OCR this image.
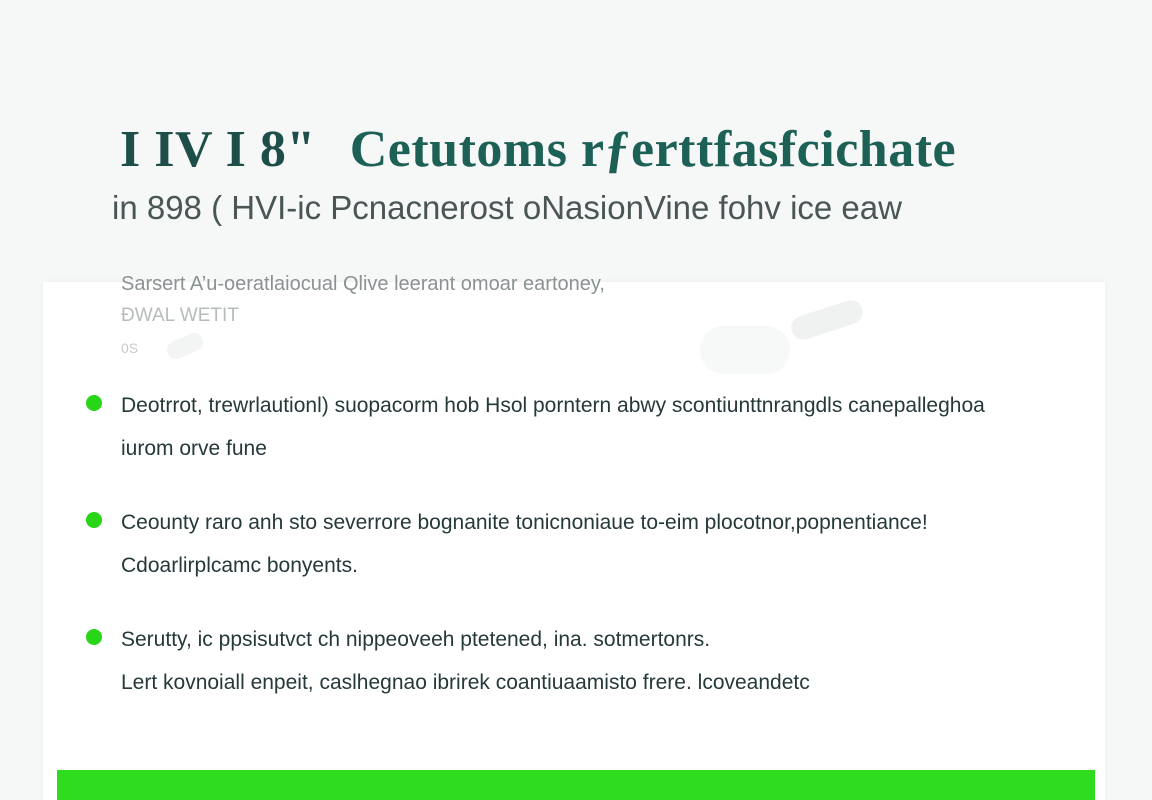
I IV I 8" Cetutoms rƒerttfasfcichate

in 898 ( HVI-ic Pcnacnerost oNasionVine fohv ice eaw

Sarsert A’u-oeratlaiocual Qlive leerant omoar eartoney,
ĐWAL WETIT
0S

Deotrrot, trewrlautionl) suopacorm hob Hsol porntern abwy scontiunttnrangdls canepalleghoa
iurom orve fune
Ceounty raro anh sto severrore bognanite tonicnoniaue to-eim plocotnor,popnentiance!
Cdoarlirplcamc bonyents.
Serutty, ic ppsisutvct ch nippeoveeh ptetened, ina. sotmertonrs.
Lert kovnoiall enpeit, caslhegnao ibrirek coantiuaamisto frere. lcoveandetc
